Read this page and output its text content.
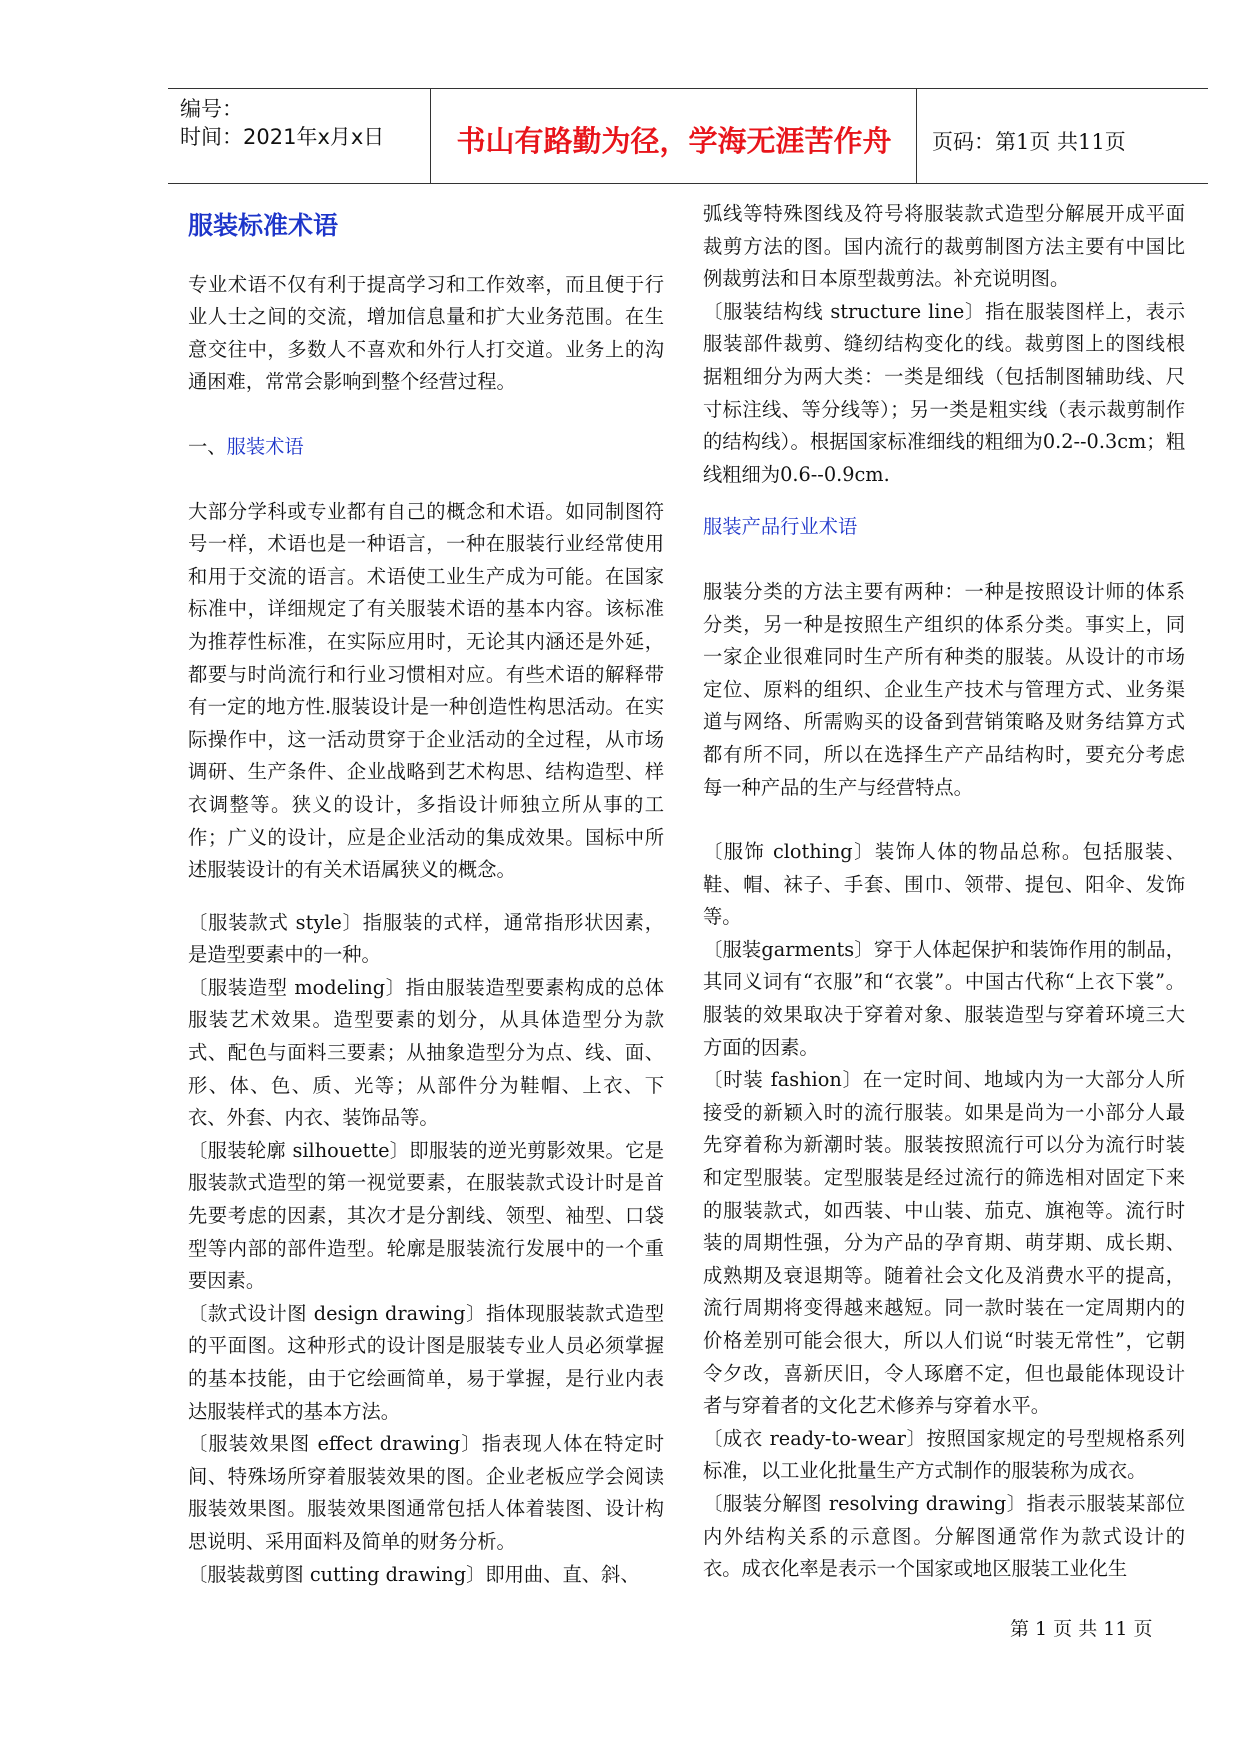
编号：
时间：2021年x月x日	书山有路勤为径，学海无涯苦作舟	页码：第1页 共11页

服装标准术语

专业术语不仅有利于提高学习和工作效率，而且便于行业人士之间的交流，增加信息量和扩大业务范围。在生意交往中，多数人不喜欢和外行人打交道。业务上的沟通困难，常常会影响到整个经营过程。

一、服装术语

大部分学科或专业都有自己的概念和术语。如同制图符号一样，术语也是一种语言，一种在服装行业经常使用和用于交流的语言。术语使工业生产成为可能。在国家标准中，详细规定了有关服装术语的基本内容。该标准为推荐性标准，在实际应用时，无论其内涵还是外延，都要与时尚流行和行业习惯相对应。有些术语的解释带有一定的地方性.服装设计是一种创造性构思活动。在实际操作中，这一活动贯穿于企业活动的全过程，从市场调研、生产条件、企业战略到艺术构思、结构造型、样衣调整等。狭义的设计，多指设计师独立所从事的工作；广义的设计，应是企业活动的集成效果。国标中所述服装设计的有关术语属狭义的概念。

〔服装款式 style〕指服装的式样，通常指形状因素，是造型要素中的一种。

〔服装造型 modeling〕指由服装造型要素构成的总体服装艺术效果。造型要素的划分，从具体造型分为款式、配色与面料三要素；从抽象造型分为点、线、面、形、体、色、质、光等；从部件分为鞋帽、上衣、下衣、外套、内衣、装饰品等。

〔服装轮廓 silhouette〕即服装的逆光剪影效果。它是服装款式造型的第一视觉要素，在服装款式设计时是首先要考虑的因素，其次才是分割线、领型、袖型、口袋型等内部的部件造型。轮廓是服装流行发展中的一个重要因素。

〔款式设计图 design drawing〕指体现服装款式造型的平面图。这种形式的设计图是服装专业人员必须掌握的基本技能，由于它绘画简单，易于掌握，是行业内表达服装样式的基本方法。

〔服装效果图 effect drawing〕指表现人体在特定时间、特殊场所穿着服装效果的图。企业老板应学会阅读服装效果图。服装效果图通常包括人体着装图、设计构思说明、采用面料及简单的财务分析。

〔服装裁剪图 cutting drawing〕即用曲、直、斜、

弧线等特殊图线及符号将服装款式造型分解展开成平面裁剪方法的图。国内流行的裁剪制图方法主要有中国比例裁剪法和日本原型裁剪法。补充说明图。

〔服装结构线 structure line〕指在服装图样上，表示服装部件裁剪、缝纫结构变化的线。裁剪图上的图线根据粗细分为两大类：一类是细线（包括制图辅助线、尺寸标注线、等分线等）；另一类是粗实线（表示裁剪制作的结构线）。根据国家标准细线的粗细为0.2--0.3cm；粗线粗细为0.6--0.9cm.

服装产品行业术语

服装分类的方法主要有两种：一种是按照设计师的体系分类，另一种是按照生产组织的体系分类。事实上，同一家企业很难同时生产所有种类的服装。从设计的市场定位、原料的组织、企业生产技术与管理方式、业务渠道与网络、所需购买的设备到营销策略及财务结算方式都有所不同，所以在选择生产产品结构时，要充分考虑每一种产品的生产与经营特点。

〔服饰 clothing〕装饰人体的物品总称。包括服装、鞋、帽、袜子、手套、围巾、领带、提包、阳伞、发饰等。

〔服装garments〕穿于人体起保护和装饰作用的制品，其同义词有“衣服”和“衣裳”。中国古代称“上衣下裳”。服装的效果取决于穿着对象、服装造型与穿着环境三大方面的因素。

〔时装 fashion〕在一定时间、地域内为一大部分人所接受的新颖入时的流行服装。如果是尚为一小部分人最先穿着称为新潮时装。服装按照流行可以分为流行时装和定型服装。定型服装是经过流行的筛选相对固定下来的服装款式，如西装、中山装、茄克、旗袍等。流行时装的周期性强，分为产品的孕育期、萌芽期、成长期、成熟期及衰退期等。随着社会文化及消费水平的提高，流行周期将变得越来越短。同一款时装在一定周期内的价格差别可能会很大，所以人们说“时装无常性”，它朝令夕改，喜新厌旧，令人琢磨不定，但也最能体现设计者与穿着者的文化艺术修养与穿着水平。

〔成衣 ready-to-wear〕按照国家规定的号型规格系列标准，以工业化批量生产方式制作的服装称为成衣。

〔服装分解图 resolving drawing〕指表示服装某部位内外结构关系的示意图。分解图通常作为款式设计的衣。成衣化率是表示一个国家或地区服装工业化生

第 1 页 共 11 页
